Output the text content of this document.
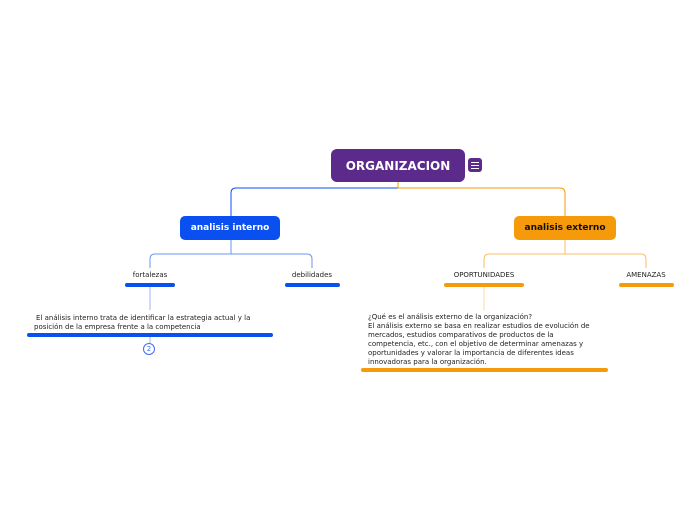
ORGANIZACION
analisis interno	analisis externo
fortalezas	debilidades	OPORTUNIDADES	AMENAZAS
El análisis interno trata de identificar la estrategia actual y la
posición de la empresa frente a la competencia
2
¿Qué es el análisis externo de la organización?
El análisis externo se basa en realizar estudios de evolución de
mercados, estudios comparativos de productos de la
competencia, etc., con el objetivo de determinar amenazas y
oportunidades y valorar la importancia de diferentes ideas
innovadoras para la organización.
